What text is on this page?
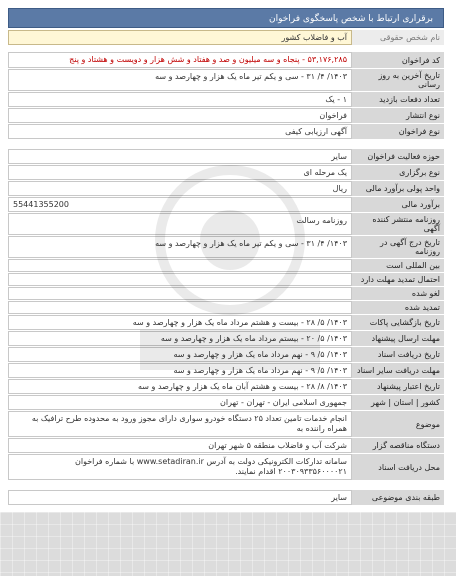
برقراری ارتباط با شخص پاسخگوی فراخوان
نام شخص حقوقی
آب و فاضلاب کشور
کد فراخوان
۵۳,۱۷۶,۲۸۵ - پنجاه و سه میلیون و صد و هفتاد و شش هزار و دویست و هشتاد و پنج
تاریخ آخرین به روز رسانی
۱۴۰۳/ ۴/ ۳۱ - سی و یکم تیر ماه یک هزار و چهارصد و سه
تعداد دفعات بازدید
۱ - یک
نوع انتشار
فراخوان
نوع فراخوان
آگهی ارزیابی کیفی
حوزه فعالیت فراخوان
سایر
نوع برگزاری
یک مرحله ای
واحد پولی برآورد مالی
ریال
برآورد مالی
55441355200
روزنامه منتشر کننده آگهی
روزنامه رسالت
تاریخ درج آگهی در روزنامه
۱۴۰۳/ ۴/ ۳۱ - سی و یکم تیر ماه یک هزار و چهارصد و سه
بین المللی است
احتمال تمدید مهلت دارد
لغو شده
تمدید شده
تاریخ بازگشایی پاکات
۱۴۰۳/ ۵/ ۲۸ - بیست و هشتم مرداد ماه یک هزار و چهارصد و سه
مهلت ارسال پیشنهاد
۱۴۰۳/ ۵/ ۲۰ - بیستم مرداد ماه یک هزار و چهارصد و سه
تاریخ دریافت اسناد
۱۴۰۳/ ۵/ ۹ - نهم مرداد ماه یک هزار و چهارصد و سه
مهلت دریافت سایر اسناد
۱۴۰۳/ ۵/ ۹ - نهم مرداد ماه یک هزار و چهارصد و سه
تاریخ اعتبار پیشنهاد
۱۴۰۳/ ۸/ ۲۸ - بیست و هشتم آبان ماه یک هزار و چهارصد و سه
کشور | استان | شهر
جمهوری اسلامی ایران - تهران - تهران
موضوع
انجام خدمات تامین تعداد ۲۵ دستگاه خودرو سواری دارای مجوز ورود به محدوده طرح ترافیک به همراه راننده به
دستگاه مناقصه گزار
شرکت آب و فاضلاب منطقه ۵ شهر تهران
محل دریافت اسناد
سامانه تدارکات الکترونیکی دولت به آدرس www.setadiran.ir با شماره فراخوان ۲۰۰۳۰۹۳۳۵۶۰۰۰۰۲۱ اقدام نمایند.
طبقه بندی موضوعی
سایر
